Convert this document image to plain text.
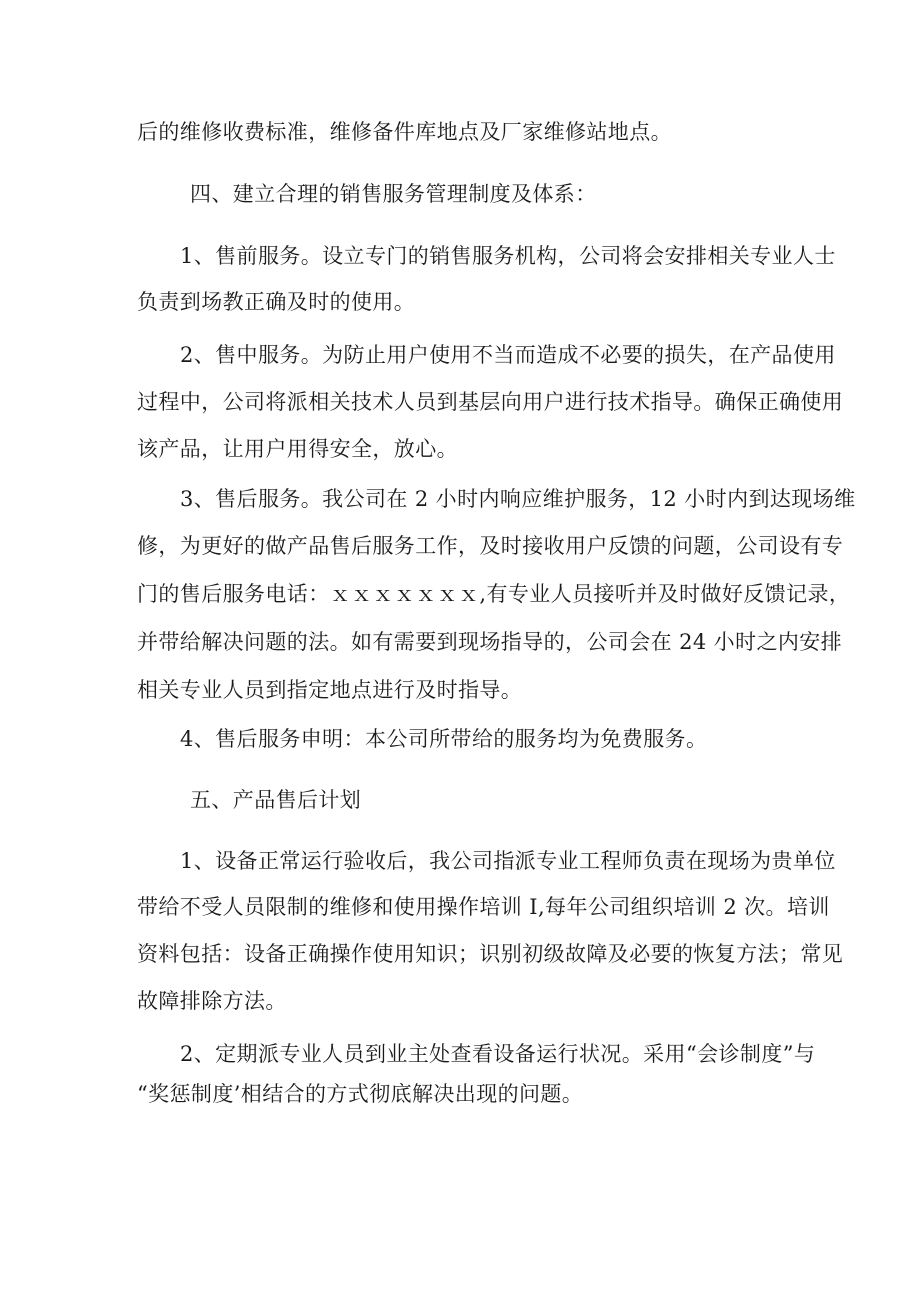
后的维修收费标准，维修备件库地点及厂家维修站地点。
四、建立合理的销售服务管理制度及体系：
1、售前服务。设立专门的销售服务机构，公司将会安排相关专业人士
负责到场教正确及时的使用。
2、售中服务。为防止用户使用不当而造成不必要的损失，在产品使用
过程中，公司将派相关技术人员到基层向用户进行技术指导。确保正确使用
该产品，让用户用得安全，放心。
3、售后服务。我公司在 2 小时内响应维护服务，12 小时内到达现场维
修，为更好的做产品售后服务工作，及时接收用户反馈的问题，公司设有专
门的售后服务电话：ｘｘｘｘｘｘｘ,有专业人员接听并及时做好反馈记录，
并带给解决问题的法。如有需要到现场指导的，公司会在 24 小时之内安排
相关专业人员到指定地点进行及时指导。
4、售后服务申明：本公司所带给的服务均为免费服务。
五、产品售后计划
1、设备正常运行验收后，我公司指派专业工程师负责在现场为贵单位
带给不受人员限制的维修和使用操作培训 I,每年公司组织培训 2 次。培训
资料包括：设备正确操作使用知识；识别初级故障及必要的恢复方法；常见
故障排除方法。
2、定期派专业人员到业主处查看设备运行状况。采用“会诊制度”与
“奖惩制度’相结合的方式彻底解决出现的问题。
